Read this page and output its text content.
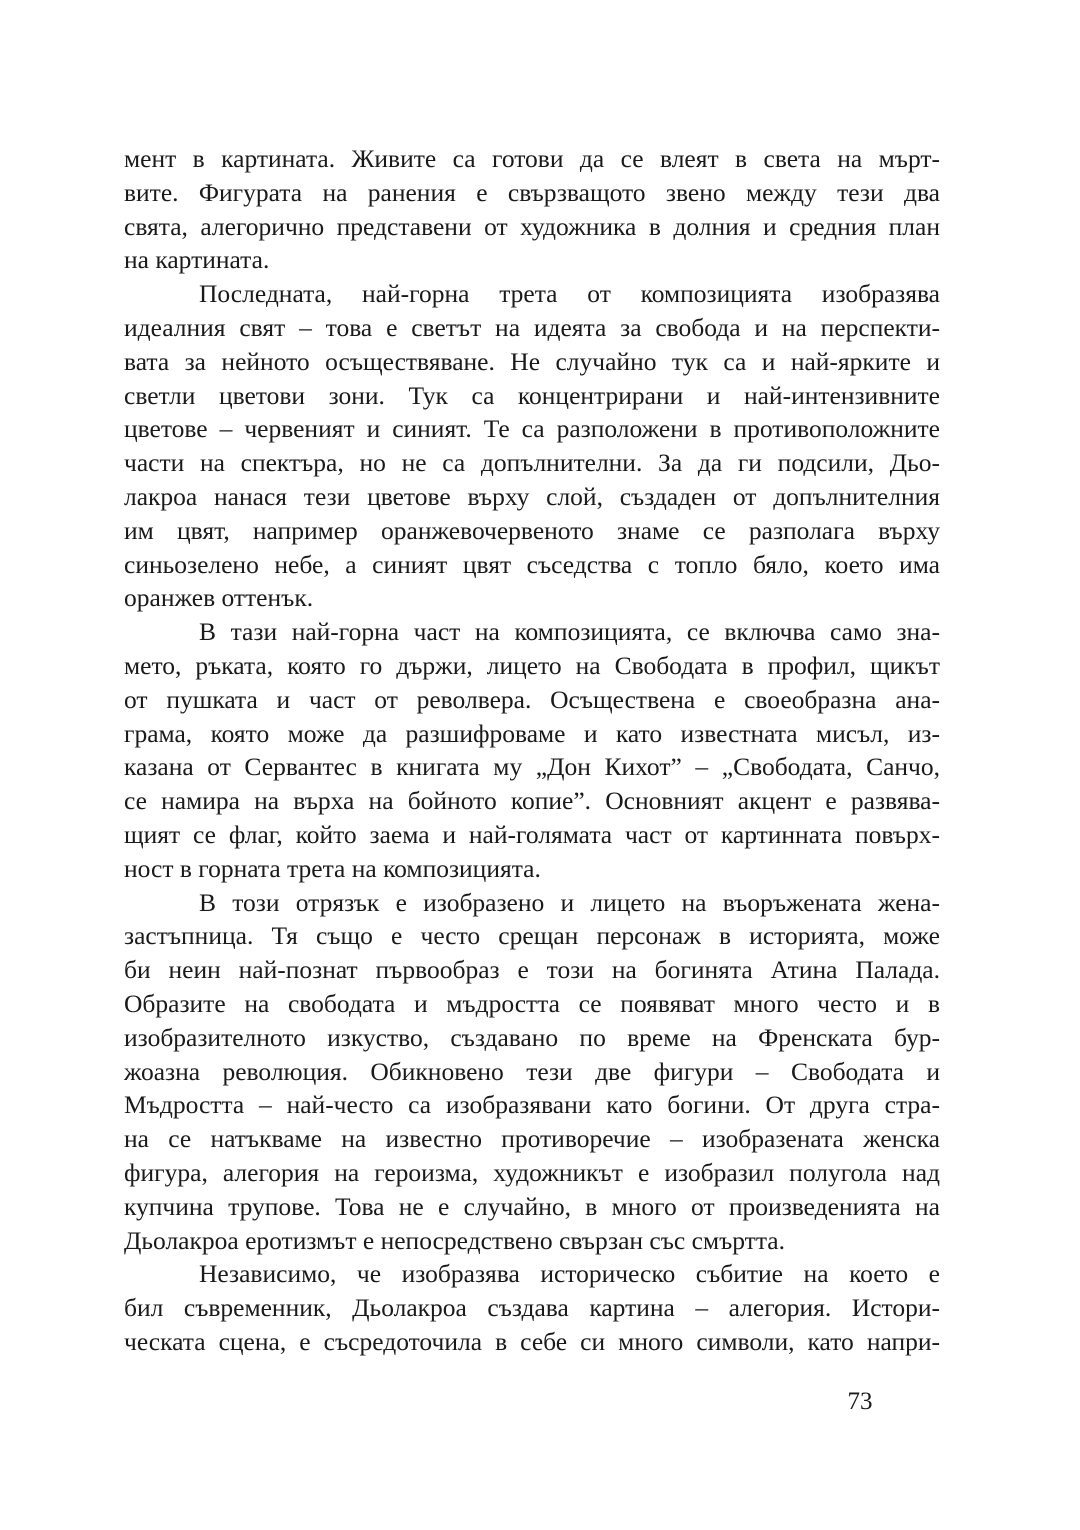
мент в картината. Живите са готови да се влеят в света на мърт-
вите. Фигурата на ранения е свързващото звено между тези два
свята, алегорично представени от художника в долния и средния план
на картината.
Последната, най-горна трета от композицията изобразява
идеалния свят – това е светът на идеята за свобода и на перспекти-
вата за нейното осъществяване. Не случайно тук са и най-ярките и
светли цветови зони. Тук са концентрирани и най-интензивните
цветове – червеният и синият. Те са разположени в противоположните
части на спектъра, но не са допълнителни. За да ги подсили, Дьо-
лакроа нанася тези цветове върху слой, създаден от допълнителния
им цвят, например оранжевочервеното знаме се разполага върху
синьозелено небе, а синият цвят съседства с топло бяло, което има
оранжев оттенък.
В тази най-горна част на композицията, се включва само зна-
мето, ръката, която го държи, лицето на Свободата в профил, щикът
от пушката и част от револвера. Осъществена е своеобразна ана-
грама, която може да разшифроваме и като известната мисъл, из-
казана от Сервантес в книгата му „Дон Кихот” – „Свободата, Санчо,
се намира на върха на бойното копие”. Основният акцент е развява-
щият се флаг, който заема и най-голямата част от картинната повърх-
ност в горната трета на композицията.
В този отрязък е изобразено и лицето на въоръжената жена-
застъпница. Тя също е често срещан персонаж в историята, може
би неин най-познат първообраз е този на богинята Атина Палада.
Образите на свободата и мъдростта се появяват много често и в
изобразителното изкуство, създавано по време на Френската бур-
жоазна революция. Обикновено тези две фигури – Свободата и
Мъдростта – най-често са изобразявани като богини. От друга стра-
на се натъкваме на известно противоречие – изобразената женска
фигура, алегория на героизма, художникът е изобразил полугола над
купчина трупове. Това не е случайно, в много от произведенията на
Дьолакроа еротизмът е непосредствено свързан със смъртта.
Независимо, че изобразява историческо събитие на което е
бил съвременник, Дьолакроа създава картина – алегория. Истори-
ческата сцена, е съсредоточила в себе си много символи, като напри-
73
